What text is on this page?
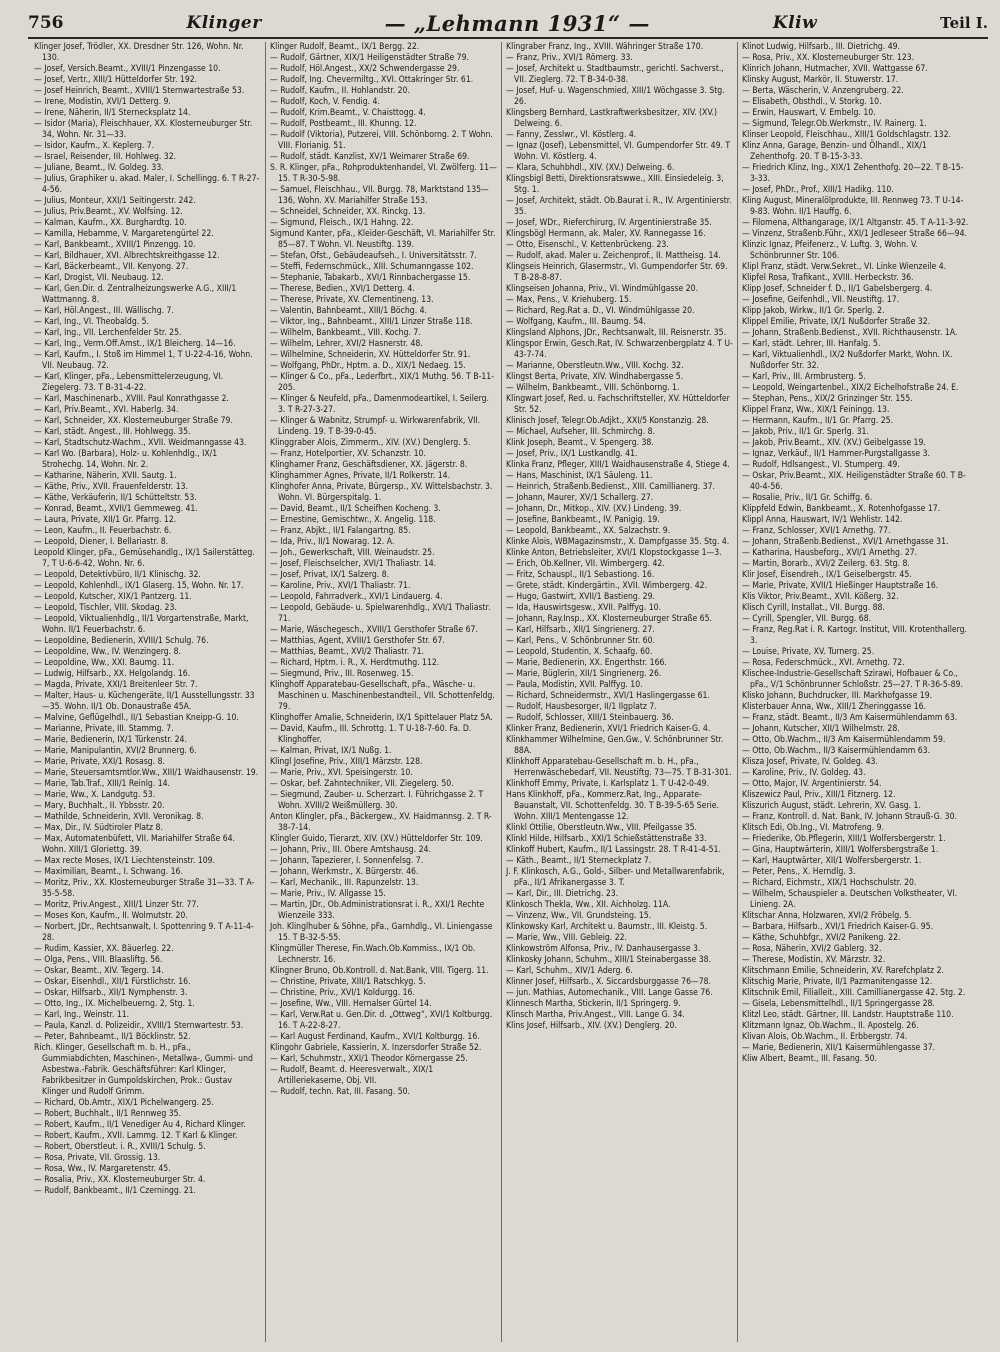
756	Klinger	— „Lehmann 1931“ —	Kliw	Teil I.

Klinger Josef, Trödler, XX. Dresdner Str. 126, Wohn. Nr. 130.

— Josef, Versich.Beamt., XVIII/1 Pinzengasse 10.

— Josef, Vertr., XIII/1 Hütteldorfer Str. 192.

— Josef Heinrich, Beamt., XVIII/1 Sternwartestraße 53.

— Irene, Modistin, XVI/1 Detterg. 9.

— Irene, Näherin, II/1 Sternecksplatz 14.

— Isidor (Maria), Fleischhauer, XX. Klosterneuburger Str. 34, Wohn. Nr. 31—33.

— Isidor, Kaufm., X. Keplerg. 7.

— Israel, Reisender, III. Hohlweg. 32.

— Juliane, Beamt., IV. Goldeg. 33.

— Julius, Graphiker u. akad. Maler, I. Schellingg. 6. T R-27-4-56.

— Julius, Monteur, XXI/1 Seitingerstr. 242.

— Julius, Priv.Beamt., XV. Wolfsing. 12.

— Kalman, Kaufm., XX. Burghardtg. 10.

— Kamilla, Hebamme, V. Margaretengürtel 22.

— Karl, Bankbeamt., XVIII/1 Pinzengg. 10.

— Karl, Bildhauer, XVI. Albrechtskreithgasse 12.

— Karl, Bäckerbeamt., VII. Kenyong. 27.

— Karl, Drogist, VII. Neubaug. 12.

— Karl, Gen.Dir. d. Zentralheizungswerke A.G., XIII/1 Wattmanng. 8.

— Karl, Höl.Angest., III. Wällischg. 7.

— Karl, Ing., VI. Theobaldg. 5.

— Karl, Ing., VII. Lerchenfelder Str. 25.

— Karl, Ing., Verm.Off.Amst., IX/1 Bleicherg. 14—16.

— Karl, Kaufm., I. Stoß im Himmel 1, T U-22-4-16, Wohn. VII. Neubaug. 72.

— Karl, Klinger, pFa., Lebensmittelerzeugung, VI. Ziegelerg. 73. T B-31-4-22.

— Karl, Maschinenarb., XVIII. Paul Konrathgasse 2.

— Karl, Priv.Beamt., XVI. Haberlg. 34.

— Karl, Schneider, XX. Klosterneuburger Straße 79.

— Karl, städt. Angest., III. Hohlwegg. 35.

— Karl, Stadtschutz-Wachm., XVII. Weidmanngasse 43.

— Karl Wo. (Barbara), Holz- u. Kohlenhdlg., IX/1 Strohechg. 14, Wohn. Nr. 2.

— Katharine, Näherin, XVII. Sautg. 1.

— Käthe, Priv., XVII. Frauenfelderstr. 13.

— Käthe, Verkäuferin, II/1 Schütteltstr. 53.

— Konrad, Beamt., XVII/1 Gemmeweg. 41.

— Laura, Private, XII/1 Gr. Pfarrg. 12.

— Leon, Kaufm., II. Feuerbachstr. 6.

— Leopold, Diener, I. Bellariastr. 8.

Leopold Klinger, pFa., Gemüsehandlg., IX/1 Sailerstätteg. 7, T U-6-6-42, Wohn. Nr. 6.

— Leopold, Detektivbüro, II/1 Klinischg. 32.

— Leopold, Kohlenhdl., IX/1 Glaserg. 15, Wohn. Nr. 17.

— Leopold, Kutscher, XIX/1 Pantzerg. 11.

— Leopold, Tischler, VIII. Skodag. 23.

— Leopold, Viktualienhdlg., II/1 Vorgartenstraße, Markt, Wohn. II/1 Feuerbachstr. 6.

— Leopoldine, Bedienerin, XVIII/1 Schulg. 76.

— Leopoldine, Ww., IV. Wenzingerg. 8.

— Leopoldine, Ww., XXI. Baumg. 11.

— Ludwig, Hilfsarb., XX. Helgolandg. 16.

— Magda, Private, XXI/1 Breitenleer Str. 7.

— Malter, Haus- u. Küchengeräte, II/1 Ausstellungsstr. 33—35. Wohn. II/1 Ob. Donaustraße 45A.

— Malvine, Geflügelhdl., II/1 Sebastian Kneipp-G. 10.

— Marianne, Private, III. Stammg. 7.

— Marie, Bedienerin, IX/1 Türkenstr. 24.

— Marie, Manipulantin, XVI/2 Brunnerg. 6.

— Marie, Private, XXI/1 Rosasg. 8.

— Marie, Steuersamtsmtlor.Ww., XIII/1 Waidhausenstr. 19.

— Marie, Tab.Traf., XIII/1 Reinlg. 14.

— Marie, Ww., X. Landgutg. 53.

— Mary, Buchhalt., II. Ybbsstr. 20.

— Mathilde, Schneiderin, XVII. Veronikag. 8.

— Max, Dir., IV. Südtiroler Platz 8.

— Max, Automatenbüfett, VII. Mariahilfer Straße 64. Wohn. XIII/1 Gloriettg. 39.

— Max recte Moses, IX/1 Liechtensteinstr. 109.

— Maximilian, Beamt., I. Schwang. 16.

— Moritz, Priv., XX. Klosterneuburger Straße 31—33. T A-35-5-58.

— Moritz, Priv.Angest., XIII/1 Linzer Str. 77.

— Moses Kon, Kaufm., II. Wolmutstr. 20.

— Norbert, JDr., Rechtsanwalt, I. Spottenring 9. T A-11-4-28.

— Rudim, Kassier, XX. Bäuerleg. 22.

— Olga, Pens., VIII. Blaasliftg. 56.

— Oskar, Beamt., XIV. Tegerg. 14.

— Oskar, Eisenhdl., XII/1 Fürstlichstr. 16.

— Oskar, Hilfsarb., XII/1 Nymphenstr. 3.

— Otto, Ing., IX. Michelbeuerng. 2, Stg. 1.

— Karl, Ing., Weinstr. 11.

— Paula, Kanzl. d. Polizeidir., XVIII/1 Sternwartestr. 53.

— Peter, Bahnbeamt., II/1 Böcklinstr. 52.

Rich. Klinger, Gesellschaft m. b. H., pFa., Gummiabdichten, Maschinen-, Metallwa-, Gummi- und Asbestwa.-Fabrik. Geschäftsführer: Karl Klinger, Fabrikbesitzer in Gumpoldskirchen, Prok.: Gustav Klinger und Rudolf Grimm.

— Richard, Ob.Amtr., XIX/1 Pichelwangerg. 25.

— Robert, Buchhalt., II/1 Rennweg 35.

— Robert, Kaufm., II/1 Venediger Au 4, Richard Klinger.

— Robert, Kaufm., XVII. Lammg. 12. T Karl & Klinger.

— Robert, Oberstleut. i. R., XVIII/1 Schulg. 5.

— Rosa, Private, VII. Grossig. 13.

— Rosa, Ww., IV. Margaretenstr. 45.

— Rosalia, Priv., XX. Klosterneuburger Str. 4.

— Rudolf, Bankbeamt., II/1 Czerningg. 21.

Klinger Rudolf, Beamt., IX/1 Bergg. 22.

— Rudolf, Gärtner, XIX/1 Heiligenstädter Straße 79.

— Rudolf, Höl.Angest., XX/2 Schwendergasse 29.

— Rudolf, Ing. Chevermiltg., XVI. Ottakringer Str. 61.

— Rudolf, Kaufm., II. Hohlandstr. 20.

— Rudolf, Koch, V. Fendig. 4.

— Rudolf, Krim.Beamt., V. Chaisttogg. 4.

— Rudolf, Postbeamt., III. Khunng. 12.

— Rudolf (Viktoria), Putzerei, VIII. Schönborng. 2. T Wohn. VIII. Florianig. 51.

— Rudolf, städt. Kanzlist, XV/1 Weimarer Straße 69.

S. R. Klinger, pFa., Rohproduktenhandel, VI. Zwölferg. 11—15. T R-30-5-98.

— Samuel, Fleischhau., VII. Burgg. 78, Marktstand 135—136, Wohn. XV. Mariahilfer Straße 153.

— Schneidel, Schneider, XX. Rinckg. 13.

— Sigmund, Fleisch., IX/1 Hahng. 22.

Sigmund Kanter, pFa., Kleider-Geschäft, VI. Mariahilfer Str. 85—87. T Wohn. VI. Neustiftg. 139.

— Stefan, Ofst., Gebäudeaufseh., I. Universitätsstr. 7.

— Steffi, Federnschmück., XIII. Schumanngasse 102.

— Stephanie, Tabakarb., XVI/1 Rinnbachergasse 15.

— Therese, Bedien., XVI/1 Detterg. 4.

— Therese, Private, XV. Clementineng. 13.

— Valentin, Bahnbeamt., XIII/1 Böchg. 4.

— Viktor, Ing., Bahnbeamt., XIII/1 Linzer Straße 118.

— Wilhelm, Bankbeamt., VIII. Kochg. 7.

— Wilhelm, Lehrer, XVI/2 Hasnerstr. 48.

— Wilhelmine, Schneiderin, XV. Hütteldorfer Str. 91.

— Wolfgang, PhDr., Hptm. a. D., XIX/1 Nedaeg. 15.

— Klinger & Co., pFa., Lederfbrt., XIX/1 Muthg. 56. T B-11-205.

— Klinger & Neufeld, pFa., Damenmodeartikel, I. Seilerg. 3. T R-27-3-27.

— Klinger & Wabnitz, Strumpf- u. Wirkwarenfabrik, VII. Lindeng. 19. T B-39-0-45.

Klinggraber Alois, Zimmerm., XIV. (XV.) Denglerg. 5.

— Franz, Hotelportier, XV. Schanzstr. 10.

Klinghamer Franz, Geschäftsdiener, XX. Jägerstr. 8.

Klinghammer Agnes, Private, II/1 Rolkerstr. 14.

Klinghofer Anna, Private, Bürgersp., XV. Wittelsbachstr. 3. Wohn. VI. Bürgerspitalg. 1.

— David, Beamt., II/1 Scheifhen Kocheng. 3.

— Ernestine, Gemischtwr., X. Angelig. 118.

— Franz, Abjkt., II/1 Falangartng. 85.

— Ida, Priv., II/1 Nowarag. 12. A.

— Joh., Gewerkschaft, VIII. Weinaudstr. 25.

— Josef, Fleischselcher, XVI/1 Thaliastr. 14.

— Josef, Privat, IX/1 Salzerg. 8.

— Karoline, Priv., XVI/1 Thaliastr. 71.

— Leopold, Fahrradverk., XVI/1 Lindauerg. 4.

— Leopold, Gebäude- u. Spielwarenhdlg., XVI/1 Thaliastr. 71.

— Marie, Wäschegesch., XVIII/1 Gersthofer Straße 67.

— Matthias, Agent, XVIII/1 Gersthofer Str. 67.

— Matthias, Beamt., XVI/2 Thaliastr. 71.

— Richard, Hptm. i. R., X. Herdtmuthg. 112.

— Siegmund, Priv., III. Rosenweg. 15.

Klinghoff Apparatebau-Gesellschaft, pFa., Wäsche- u. Maschinen u. Maschinenbestandteil., VII. Schottenfeldg. 79.

Klinghoffer Amalie, Schneiderin, IX/1 Spittelauer Platz 5A.

— David, Kaufm., III. Schrottg. 1. T U-18-7-60. Fa. D. Klinghoffer.

— Kalman, Privat, IX/1 Nußg. 1.

Klingl Josefine, Priv., XIII/1 Märzstr. 128.

— Marie, Priv., XVI. Speisingerstr. 10.

— Oskar, bef. Zahntechniker, VII. Ziegelerg. 50.

— Siegmund, Zauber- u. Scherzart. I. Führichgasse 2. T Wohn. XVIII/2 Weißmüllerg. 30.

Anton Klingler, pFa., Bäckergew., XV. Haidmannsg. 2. T R-38-7-14.

Klingler Guido, Tierarzt, XIV. (XV.) Hütteldorfer Str. 109.

— Johann, Priv., III. Obere Amtshausg. 24.

— Johann, Tapezierer, I. Sonnenfelsg. 7.

— Johann, Werkmstr., X. Bürgerstr. 46.

— Karl, Mechanik., III. Rapunzelstr. 13.

— Marie, Priv., IV. Allgasse 15.

— Martin, JDr., Ob.Administrationsrat i. R., XXI/1 Rechte Wienzeile 333.

Joh. Klinglhuber & Söhne, pFa., Garnhdlg., VI. Liniengasse 15. T B-32-5-55.

Klingmüller Therese, Fin.Wach.Ob.Kommiss., IX/1 Ob. Lechnerstr. 16.

Klingner Bruno, Ob.Kontroll. d. Nat.Bank, VIII. Tigerg. 11.

— Christine, Private, XIII/1 Ratschkyg. 5.

— Christine, Priv., XVI/1 Koldurgg. 16.

— Josefine, Ww., VIII. Hernalser Gürtel 14.

— Karl, Verw.Rat u. Gen.Dir. d. „Ottweg“, XVI/1 Koltburgg. 16. T A-22-8-27.

— Karl August Ferdinand, Kaufm., XVI/1 Koltburgg. 16.

Klingohr Gabriele, Kassierin, X. Inzersdorfer Straße 52.

— Karl, Schuhmstr., XXI/1 Theodor Körnergasse 25.

— Rudolf, Beamt. d. Heeresverwalt., XIX/1 Artilleriekaserne, Obj. VII.

— Rudolf, techn. Rat, III. Fasang. 50.

Klingraber Franz, Ing., XVIII. Währinger Straße 170.

— Franz, Priv., XVI/1 Römerg. 33.

— Josef, Architekt u. Stadtbaumstr., gerichtl. Sachverst., VII. Zieglerg. 72. T B-34-0-38.

— Josef, Huf- u. Wagenschmied, XIII/1 Wöchgasse 3. Stg. 26.

Klingsberg Bernhard, Lastkraftwerksbesitzer, XIV. (XV.) Delweing. 6.

— Fanny, Zesslwr., VI. Köstlerg. 4.

— Ignaz (Josef), Lebensmittel, VI. Gumpendorfer Str. 49. T Wohn. VI. Köstlerg. 4.

— Klara, Schuhbhdl., XIV. (XV.) Delweing. 6.

Klingsbigl Betti, Direktionsratswwe., XIII. Einsiedeleig. 3, Stg. 1.

— Josef, Architekt, städt. Ob.Baurat i. R., IV. Argentinierstr. 35.

— Josef, WDr., Rieferchirurg, IV. Argentinierstraße 35.

Klingsbögl Hermann, ak. Maler, XV. Rannegasse 16.

— Otto, Eisenschl., V. Kettenbrückeng. 23.

— Rudolf, akad. Maler u. Zeichenprof., II. Mattheisg. 14.

Klingseis Heinrich, Glasermstr., VI. Gumpendorfer Str. 69. T B-28-8-87.

Klingseisen Johanna, Priv., VI. Windmühlgasse 20.

— Max, Pens., V. Kriehuberg. 15.

— Richard, Reg.Rat a. D., VI. Windmühlgasse 20.

— Wolfgang, Kaufm., III. Baumg. 54.

Klingsland Alphons, JDr., Rechtsanwalt, III. Reisnerstr. 35.

Klingspor Erwin, Gesch.Rat, IV. Schwarzenbergplatz 4. T U-43-7-74.

— Marianne, Oberstleutn.Ww., VIII. Kochg. 32.

Klingst Berta, Private, XIV. Windhabergasse 5.

— Wilhelm, Bankbeamt., VIII. Schönborng. 1.

Klingwart Josef, Red. u. Fachschriftsteller, XV. Hütteldorfer Str. 52.

Klinisch Josef, Telegr.Ob.Adjkt., XXI/5 Konstanzig. 28.

— Michael, Aufseher, III. Schmirchg. 8.

Klink Joseph, Beamt., V. Spengerg. 38.

— Josef, Priv., IX/1 Lustkandlg. 41.

Klinka Franz, Pfleger, XIII/1 Waidhausenstraße 4, Stiege 4.

— Hans, Maschinist, IX/1 Säuleng. 11.

— Heinrich, Straßenb.Bedienst., XIII. Camillianerg. 37.

— Johann, Maurer, XV/1 Schallerg. 27.

— Johann, Dr., Mitkop., XIV. (XV.) Lindeng. 39.

— Josefine, Bankbeamt., IV. Panigig. 19.

— Leopold, Bankbeamt., XX. Salzachstr. 9.

Klinke Alois, WBMagazinsmstr., X. Dampfgasse 35. Stg. 4.

Klinke Anton, Betriebsleiter, XVI/1 Klopstockgasse 1—3.

— Erich, Ob.Kellner, VII. Wimbergerg. 42.

— Fritz, Schauspl., II/1 Sebastiong. 16.

— Grete, städt. Kindergärtin., XVII. Wimbergerg. 42.

— Hugo, Gastwirt, XVII/1 Bastieng. 29.

— Ida, Hauswirtsgesw., XVII. Palffyg. 10.

— Johann, Ray.Insp., XX. Klosterneuburger Straße 65.

— Karl, Hilfsarb., XII/1 Singrienerg. 27.

— Karl, Pens., V. Schönbrunner Str. 60.

— Leopold, Studentin, X. Schaafg. 60.

— Marie, Bedienerin, XX. Engerthstr. 166.

— Marie, Büglerin, XII/1 Singrienerg. 26.

— Paula, Modistin, XVII. Palffyg. 10.

— Richard, Schneidermstr., XVI/1 Haslingergasse 61.

— Rudolf, Hausbesorger, II/1 Ilgplatz 7.

— Rudolf, Schlosser, XIII/1 Steinbauerg. 36.

Klinker Franz, Bedienerin, XVI/1 Friedrich Kaiser-G. 4.

Klinkhammer Wilhelmine, Gen.Gw., V. Schönbrunner Str. 88A.

Klinkhoff Apparatebau-Gesellschaft m. b. H., pFa., Herrenwäschebedarf, VII. Neustiftg. 73—75. T B-31-301.

Klinkhoff Emmy, Private, I. Karlsplatz 1. T U-42-0-49.

Hans Klinkhoff, pFa., Kommerz.Rat, Ing., Apparate-Bauanstalt, VII. Schottenfeldg. 30. T B-39-5-65 Serie. Wohn. XIII/1 Mentengasse 12.

Klinkl Ottilie, Oberstleutn.Ww., VIII. Pfeilgasse 35.

Klinkl Hilde, Hilfsarb., XXI/1 Schießstättenstraße 33.

Klinkoff Hubert, Kaufm., II/1 Lassingstr. 28. T R-41-4-51.

— Käth., Beamt., II/1 Sterneckplatz 7.

J. F. Klinkosch, A.G., Gold-, Silber- und Metallwarenfabrik, pFa., II/1 Afrikanergasse 3. T.

— Karl, Dir., III. Dietrichg. 23.

Klinkosch Thekla, Ww., XII. Aichholzg. 11A.

— Vinzenz, Ww., VII. Grundsteing. 15.

Klinkowsky Karl, Architekt u. Baumstr., III. Kleistg. 5.

— Marie, Ww., VIII. Gebleig. 22.

Klinkowström Alfonsa, Priv., IV. Danhausergasse 3.

Klinkosky Johann, Schuhm., XIII/1 Steinabergasse 38.

— Karl, Schuhm., XIV/1 Aderg. 6.

Klinner Josef, Hilfsarb., X. Siccardsburggasse 76—78.

— jun. Mathias, Automechanik., VIII. Lange Gasse 76.

Klinnesch Martha, Stickerin, II/1 Springerg. 9.

Klinsch Martha, Priv.Angest., VIII. Lange G. 34.

Klins Josef, Hilfsarb., XIV. (XV.) Denglerg. 20.

Klinot Ludwig, Hilfsarb., III. Dietrichg. 49.

— Rosa, Priv., XX. Klosterneuburger Str. 123.

Klinrich Johann, Hutmacher, XVII. Wattgasse 67.

Klinsky August, Markör, II. Stuwerstr. 17.

— Berta, Wäscherin, V. Anzengruberg. 22.

— Elisabeth, Obsthdl., V. Storkg. 10.

— Erwin, Hauswart, V. Embelg. 10.

— Sigmund, Telegr.Ob.Werkmstr., IV. Rainerg. 1.

Klinser Leopold, Fleischhau., XIII/1 Goldschlagstr. 132.

Klinz Anna, Garage, Benzin- und Ölhandl., XIX/1 Zehenthofg. 20. T B-15-3-33.

— Friedrich Klinz, Ing., XIX/1 Zehenthofg. 20—22. T B-15-3-33.

— Josef, PhDr., Prof., XIII/1 Hadikg. 110.

Kling August, Mineralölprodukte, III. Rennweg 73. T U-14-9-83. Wohn. II/1 Hauffg. 6.

— Filomena, Althangarage, IX/1 Altganstr. 45. T A-11-3-92.

— Vinzenz, Straßenb.Führ., XXI/1 Jedleseer Straße 66—94.

Klinzic Ignaz, Pfeifenerz., V. Luftg. 3, Wohn. V. Schönbrunner Str. 106.

Klipl Franz, städt. Verw.Sekret., VI. Linke Wienzeile 4.

Klipfel Rosa, Trafikant., XVIII. Herbeckstr. 36.

Klipp Josef, Schneider f. D., II/1 Gabelsbergerg. 4.

— Josefine, Geifenhdl., VII. Neustiftg. 17.

Klipp Jakob, Wirkw., II/1 Gr. Sperlg. 2.

Klippel Emilie, Private, IX/1 Nußdorfer Straße 32.

— Johann, Straßenb.Bedienst., XVII. Richthausenstr. 1A.

— Karl, städt. Lehrer, III. Hanfalg. 5.

— Karl, Viktualienhdl., IX/2 Nußdorfer Markt, Wohn. IX. Nußdorfer Str. 32.

— Karl, Priv., III. Armbrusterg. 5.

— Leopold, Weingartenbel., XIX/2 Eichelhofstraße 24. E.

— Stephan, Pens., XIX/2 Grinzinger Str. 155.

Klippel Franz, Ww., XIX/1 Feiningg. 13.

— Hermann, Kaufm., II/1 Gr. Pfarrg. 25.

— Jakob, Priv., II/1 Gr. Sperlg. 31.

— Jakob, Priv.Beamt., XIV. (XV.) Geibelgasse 19.

— Ignaz, Verkäuf., II/1 Hammer-Purgstallgasse 3.

— Rudolf, Hdlsangest., VI. Stumperg. 49.

— Oskar, Priv.Beamt., XIX. Heiligenstädter Straße 60. T B-40-4-56.

— Rosalie, Priv., II/1 Gr. Schiffg. 6.

Klippfeld Edwin, Bankbeamt., X. Rotenhofgasse 17.

Klippl Anna, Hauswart, IV/1 Wehlistr. 142.

— Franz, Schlosser, XVI/1 Arnethg. 77.

— Johann, Straßenb.Bedienst., XVI/1 Arnethgasse 31.

— Katharina, Hausbeforg., XVI/1 Arnethg. 27.

— Martin, Borarb., XVI/2 Zeilerg. 63. Stg. 8.

Klir Josef, Eisendreh., IX/1 Geiselbergstr. 45.

— Marie, Private, XVII/1 Hießinger Hauptstraße 16.

Klis Viktor, Priv.Beamt., XVII. Kößerg. 32.

Klisch Cyrill, Installat., VII. Burgg. 88.

— Cyrill, Spengler, VII. Burgg. 68.

— Franz, Reg.Rat i. R. Kartogr. Institut, VIII. Krotenthallerg. 3.

— Louise, Private, XV. Turnerg. 25.

— Rosa, Federschmück., XVI. Arnethg. 72.

Klischee-Industrie-Gesellschaft Szirawi, Hofbauer & Co., pFa., V/1 Schönbrunner Schloßstr. 25—27. T R-36-5-89.

Klisko Johann, Buchdrucker, III. Markhofgasse 19.

Klisterbauer Anna, Ww., XIII/1 Zheringgasse 16.

— Franz, städt. Beamt., II/3 Am Kaisermühlendamm 63.

— Johann, Kutscher, XII/1 Wilhelmstr. 28.

— Otto, Ob.Wachm., II/3 Am Kaisermühlendamm 59.

— Otto, Ob.Wachm., II/3 Kaisermühlendamm 63.

Klisza Josef, Private, IV. Goldeg. 43.

— Karoline, Priv., IV. Goldeg. 43.

— Otto, Major, IV. Argentinierstr. 54.

Kliszewicz Paul, Priv., XIII/1 Fitznerg. 12.

Kliszurich August, städt. Lehrerin, XV. Gasg. 1.

— Franz, Kontroll. d. Nat. Bank, IV. Johann Strauß-G. 30.

Klitsch Edi, Ob.Ing., VI. Matrofeng. 9.

— Friederike, Ob.Pflegerin, XIII/1 Wolfersbergerstr. 1.

— Gina, Hauptwärterin, XIII/1 Wolfersbergstraße 1.

— Karl, Hauptwärter, XII/1 Wolfersbergerstr. 1.

— Peter, Pens., X. Herndlg. 3.

— Richard, Eichmstr., XIX/1 Hochschulstr. 20.

— Wilhelm, Schauspieler a. Deutschen Volkstheater, VI. Linieng. 2A.

Klitschar Anna, Holzwaren, XVI/2 Fröbelg. 5.

— Barbara, Hilfsarb., XVI/1 Friedrich Kaiser-G. 95.

— Käthe, Schuhbfgr., XVI/2 Panikeng. 22.

— Rosa, Näherin, XVI/2 Gablerg. 32.

— Therese, Modistin, XV. Märzstr. 32.

Klitschmann Emilie, Schneiderin, XV. Rarefchplatz 2.

Klitschig Marie, Private, II/1 Pazmanitengasse 12.

Klitschnik Emil, Filialleit., XIII. Camillianergasse 42. Stg. 2.

— Gisela, Lebensmittelhdl., II/1 Springergasse 28.

Klitzl Leo, städt. Gärtner, III. Landstr. Hauptstraße 110.

Klitzmann Ignaz, Ob.Wachm., II. Apostelg. 26.

Klivan Alois, Ob.Wachm., II. Erbbergstr. 74.

— Marie, Bedienerin, XII/1 Kaisermühlengasse 37.

Kliw Albert, Beamt., III. Fasang. 50.
